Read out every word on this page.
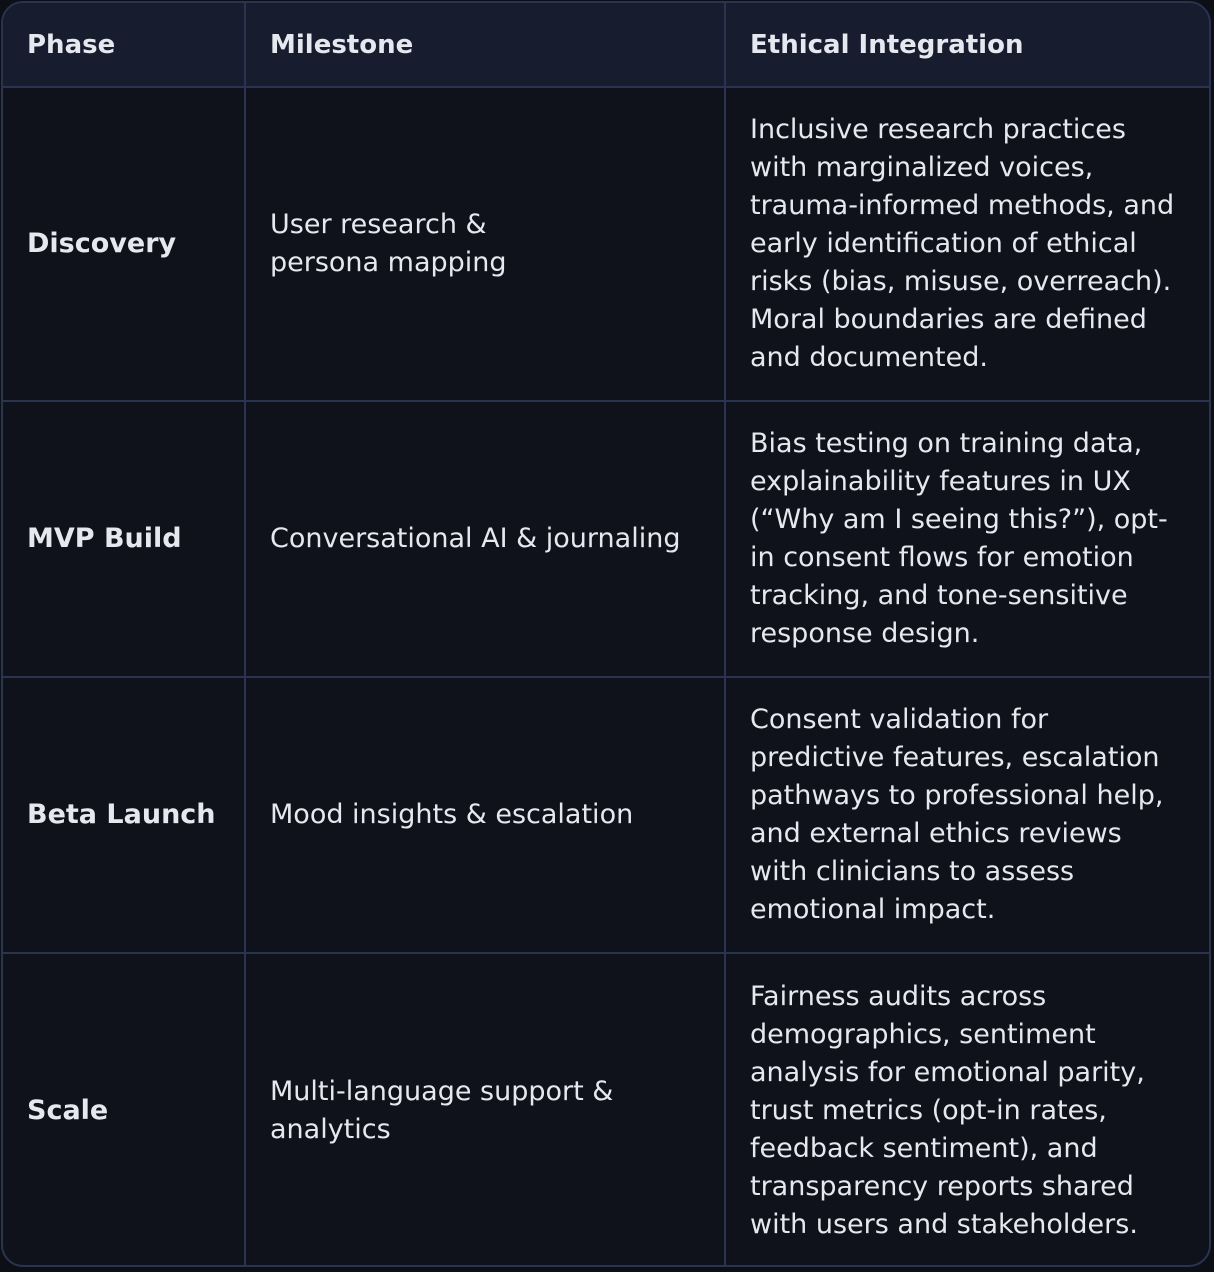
Phase	Milestone	Ethical Integration
Discovery	User research & persona mapping	Inclusive research practices with marginalized voices, trauma-informed methods, and early identification of ethical risks (bias, misuse, overreach). Moral boundaries are defined and documented.
MVP Build	Conversational AI & journaling	Bias testing on training data, explainability features in UX (“Why am I seeing this?”), opt-in consent flows for emotion tracking, and tone-sensitive response design.
Beta Launch	Mood insights & escalation	Consent validation for predictive features, escalation pathways to professional help, and external ethics reviews with clinicians to assess emotional impact.
Scale	Multi-language support & analytics	Fairness audits across demographics, sentiment analysis for emotional parity, trust metrics (opt-in rates, feedback sentiment), and transparency reports shared with users and stakeholders.
